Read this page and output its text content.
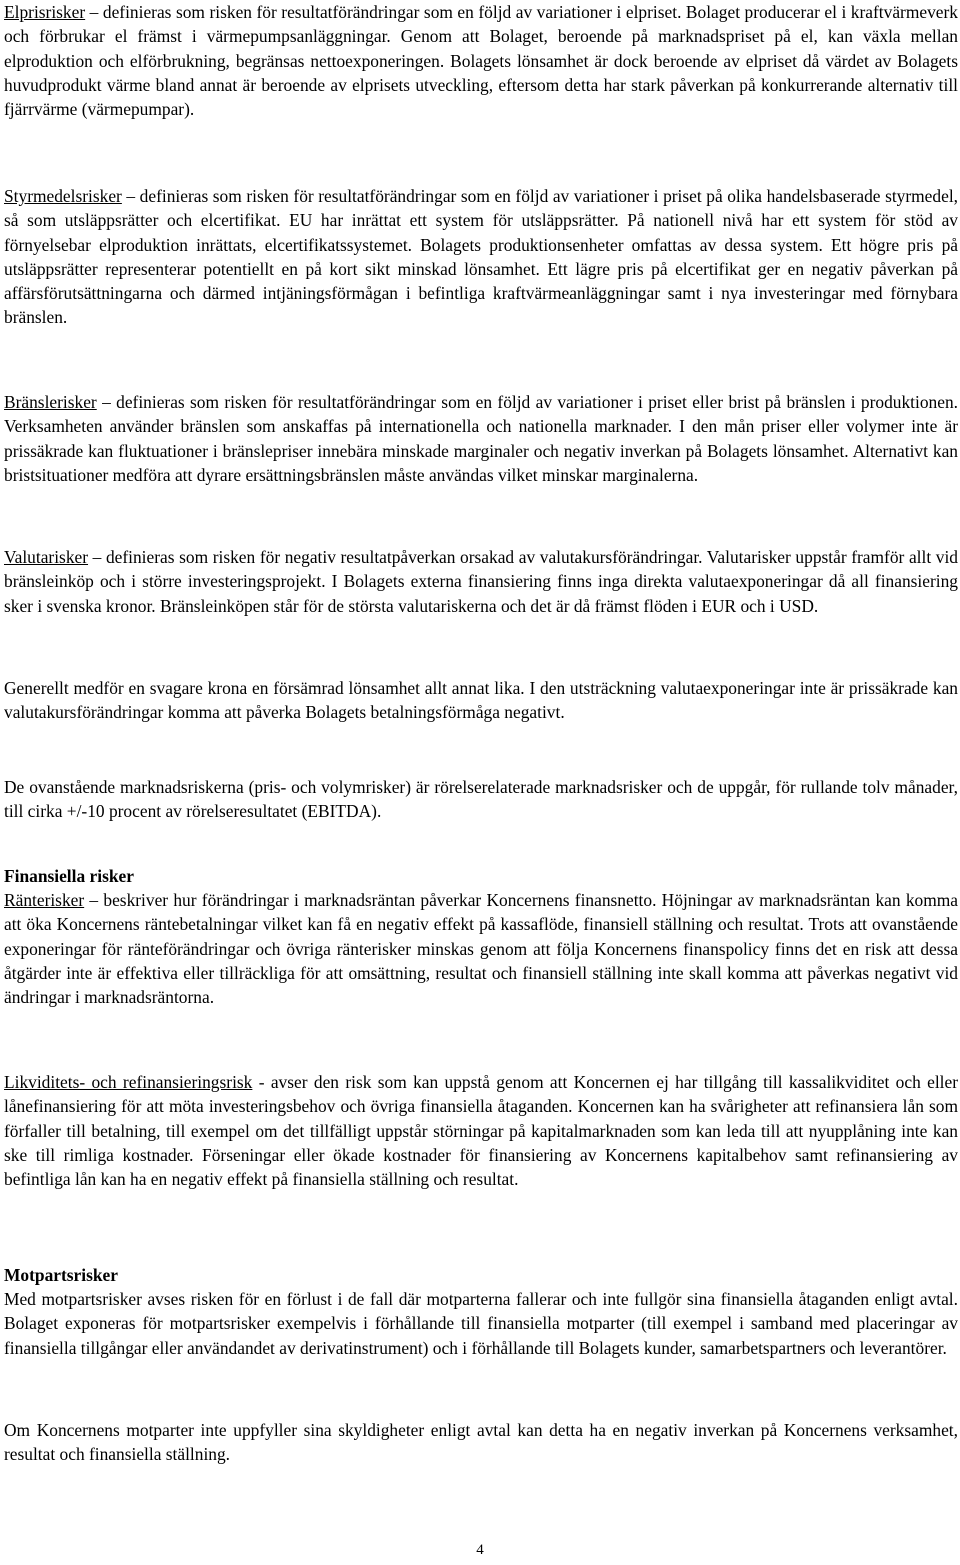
Elprisrisker – definieras som risken för resultatförändringar som en följd av variationer i elpriset. Bolaget producerar el i kraftvärmeverk och förbrukar el främst i värmepumpsanläggningar. Genom att Bolaget, beroende på marknadspriset på el, kan växla mellan elproduktion och elförbrukning, begränsas nettoexponeringen. Bolagets lönsamhet är dock beroende av elpriset då värdet av Bolagets huvudprodukt värme bland annat är beroende av elprisets utveckling, eftersom detta har stark påverkan på konkurrerande alternativ till fjärrvärme (värmepumpar).

Styrmedelsrisker – definieras som risken för resultatförändringar som en följd av variationer i priset på olika handelsbaserade styrmedel, så som utsläppsrätter och elcertifikat. EU har inrättat ett system för utsläppsrätter. På nationell nivå har ett system för stöd av förnyelsebar elproduktion inrättats, elcertifikatssystemet. Bolagets produktionsenheter omfattas av dessa system. Ett högre pris på utsläppsrätter representerar potentiellt en på kort sikt minskad lönsamhet. Ett lägre pris på elcertifikat ger en negativ påverkan på affärsförutsättningarna och därmed intjäningsförmågan i befintliga kraftvärmeanläggningar samt i nya investeringar med förnybara bränslen.

Bränslerisker – definieras som risken för resultatförändringar som en följd av variationer i priset eller brist på bränslen i produktionen. Verksamheten använder bränslen som anskaffas på internationella och nationella marknader. I den mån priser eller volymer inte är prissäkrade kan fluktuationer i bränslepriser innebära minskade marginaler och negativ inverkan på Bolagets lönsamhet. Alternativt kan bristsituationer medföra att dyrare ersättningsbränslen måste användas vilket minskar marginalerna.

Valutarisker – definieras som risken för negativ resultatpåverkan orsakad av valutakursförändringar. Valutarisker uppstår framför allt vid bränsleinköp och i större investeringsprojekt. I Bolagets externa finansiering finns inga direkta valutaexponeringar då all finansiering sker i svenska kronor. Bränsleinköpen står för de största valutariskerna och det är då främst flöden i EUR och i USD.

Generellt medför en svagare krona en försämrad lönsamhet allt annat lika. I den utsträckning valutaexponeringar inte är prissäkrade kan valutakursförändringar komma att påverka Bolagets betalningsförmåga negativt.

De ovanstående marknadsriskerna (pris- och volymrisker) är rörelserelaterade marknadsrisker och de uppgår, för rullande tolv månader, till cirka +/-10 procent av rörelseresultatet (EBITDA).

Finansiella risker

Ränterisker – beskriver hur förändringar i marknadsräntan påverkar Koncernens finansnetto. Höjningar av marknadsräntan kan komma att öka Koncernens räntebetalningar vilket kan få en negativ effekt på kassaflöde, finansiell ställning och resultat. Trots att ovanstående exponeringar för ränteförändringar och övriga ränterisker minskas genom att följa Koncernens finanspolicy finns det en risk att dessa åtgärder inte är effektiva eller tillräckliga för att omsättning, resultat och finansiell ställning inte skall komma att påverkas negativt vid ändringar i marknadsräntorna.

Likviditets- och refinansieringsrisk - avser den risk som kan uppstå genom att Koncernen ej har tillgång till kassalikviditet och eller lånefinansiering för att möta investeringsbehov och övriga finansiella åtaganden. Koncernen kan ha svårigheter att refinansiera lån som förfaller till betalning, till exempel om det tillfälligt uppstår störningar på kapitalmarknaden som kan leda till att nyupplåning inte kan ske till rimliga kostnader. Förseningar eller ökade kostnader för finansiering av Koncernens kapitalbehov samt refinansiering av befintliga lån kan ha en negativ effekt på finansiella ställning och resultat.

Motpartsrisker

Med motpartsrisker avses risken för en förlust i de fall där motparterna fallerar och inte fullgör sina finansiella åtaganden enligt avtal. Bolaget exponeras för motpartsrisker exempelvis i förhållande till finansiella motparter (till exempel i samband med placeringar av finansiella tillgångar eller användandet av derivatinstrument) och i förhållande till Bolagets kunder, samarbetspartners och leverantörer.

Om Koncernens motparter inte uppfyller sina skyldigheter enligt avtal kan detta ha en negativ inverkan på Koncernens verksamhet, resultat och finansiella ställning.

4
